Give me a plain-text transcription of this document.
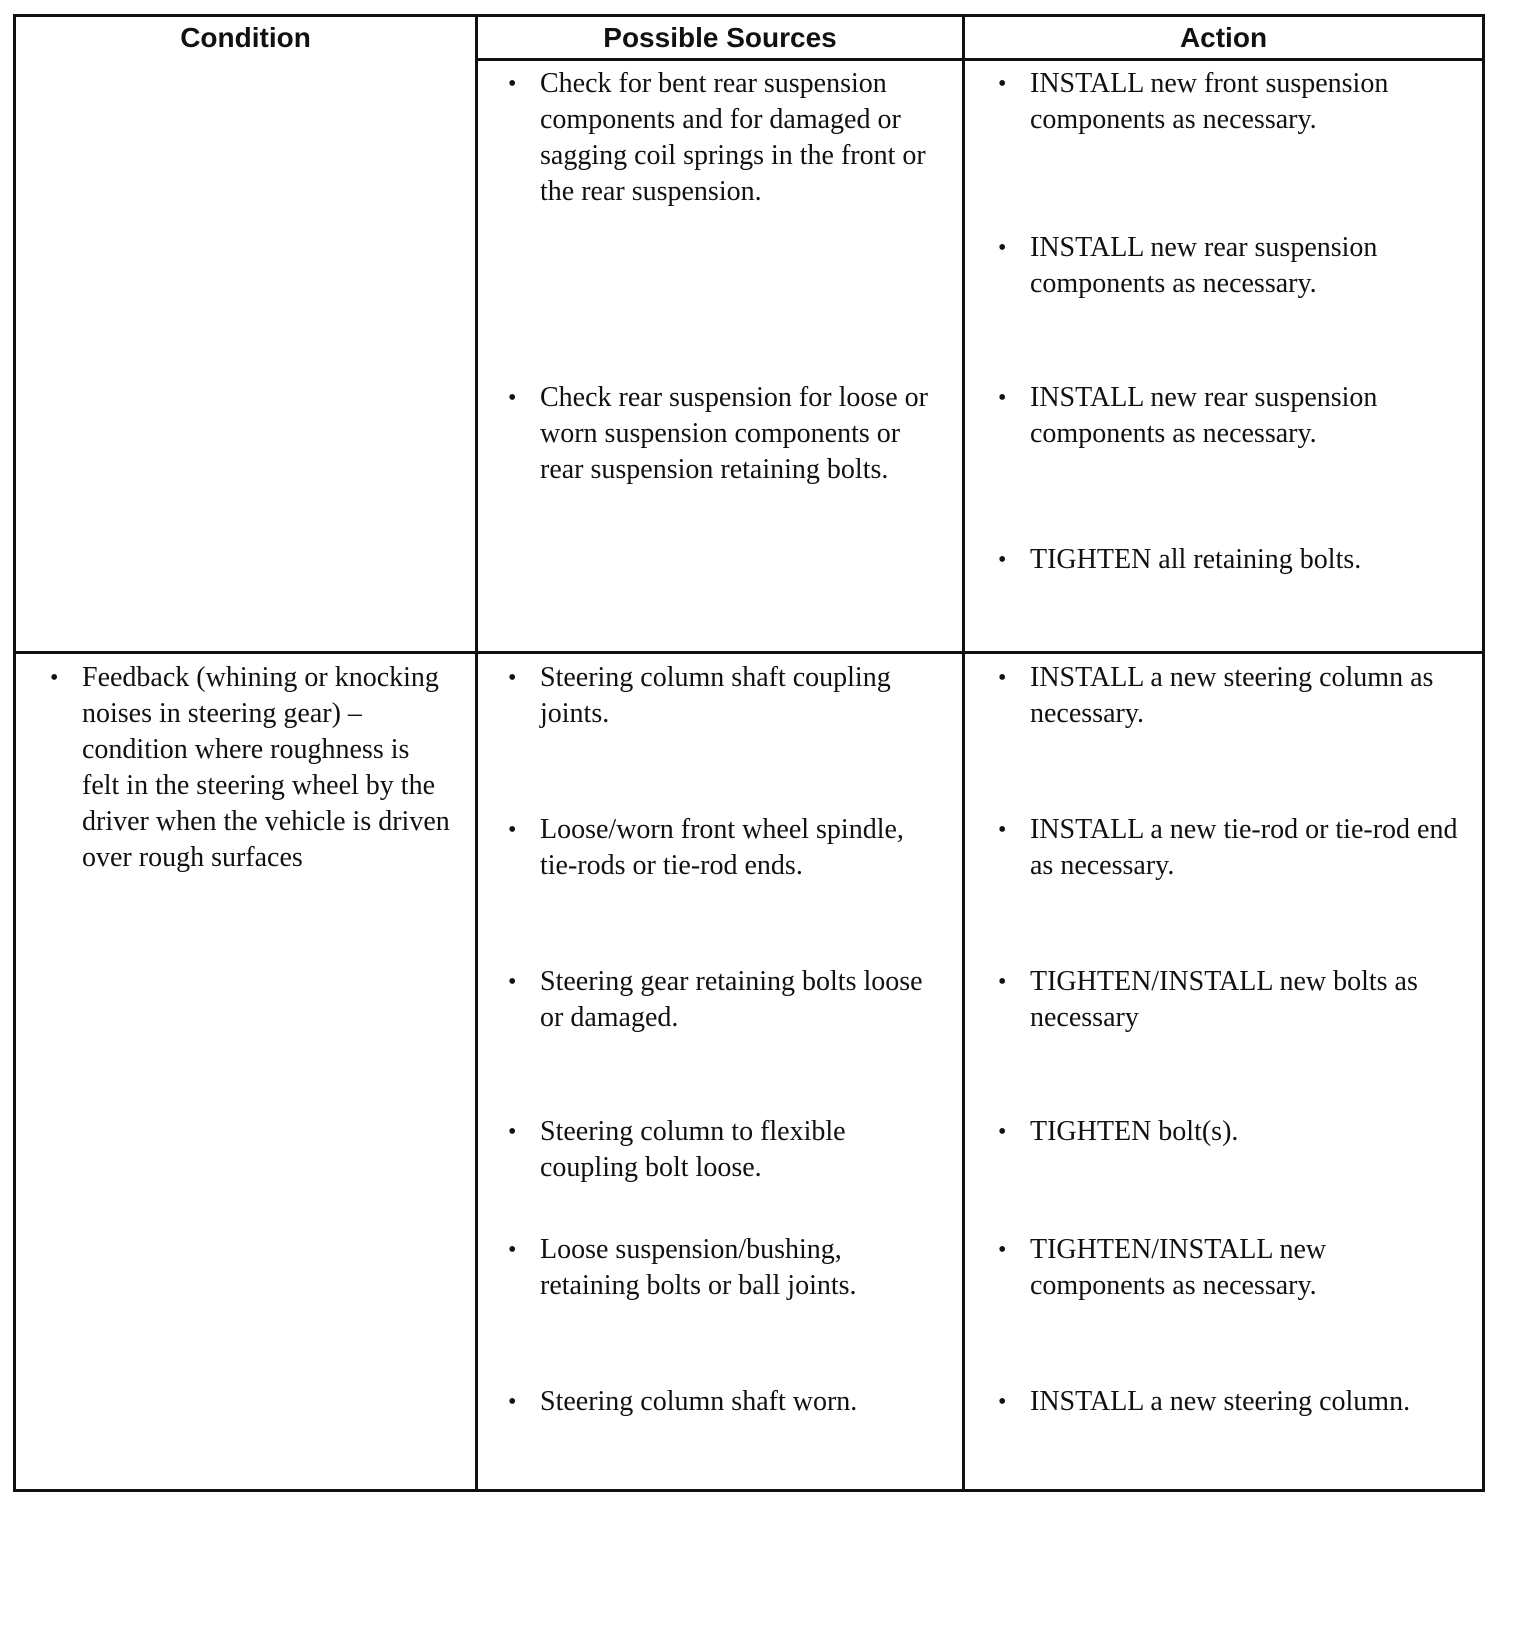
Condition	Possible Sources	Action
• Check for bent rear suspension components and for damaged or sagging coil springs in the front or the rear suspension.
• Check rear suspension for loose or worn suspension components or rear suspension retaining bolts.
• INSTALL new front suspension components as necessary.
• INSTALL new rear suspension components as necessary.
• INSTALL new rear suspension components as necessary.
• TIGHTEN all retaining bolts.
• Feedback (whining or knocking noises in steering gear) – condition where roughness is felt in the steering wheel by the driver when the vehicle is driven over rough surfaces
• Steering column shaft coupling joints.
• Loose/worn front wheel spindle, tie-rods or tie-rod ends.
• Steering gear retaining bolts loose or damaged.
• Steering column to flexible coupling bolt loose.
• Loose suspension/bushing, retaining bolts or ball joints.
• Steering column shaft worn.
• INSTALL a new steering column as necessary.
• INSTALL a new tie-rod or tie-rod end as necessary.
• TIGHTEN/INSTALL new bolts as necessary
• TIGHTEN bolt(s).
• TIGHTEN/INSTALL new components as necessary.
• INSTALL a new steering column.
